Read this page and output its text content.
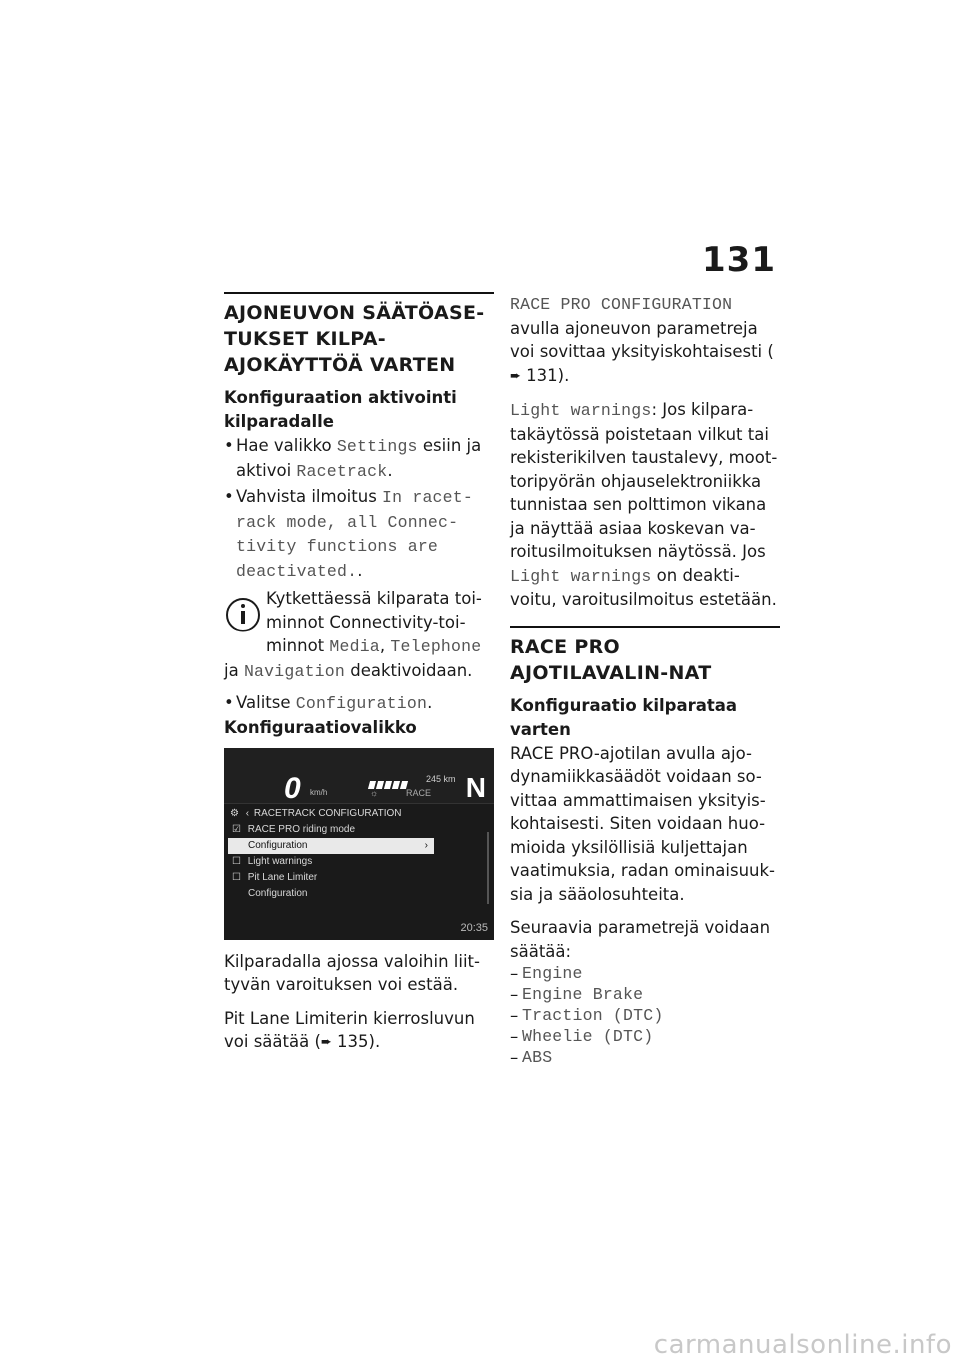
131
AJONEUVON SÄÄTÖASE-TUKSET KILPA-AJOKÄYTTÖÄ VARTEN
Konfiguraation aktivointi kilparadalle

• Hae valikko Settings esiin ja aktivoi Racetrack.

• Vahvista ilmoitus In racet-rack mode, all Connec-tivity functions are deactivated..

Kytkettäessä kilparata toi-minnot Connectivity-toi-minnot Media, Telephone ja Navigation deaktivoidaan.

• Valitse Configuration.

Konfiguraatiovalikko
0 km/h
245 km
☼	RACE N
⚙ ‹ RACETRACK CONFIGURATION
☑ RACE PRO riding mode
Configuration	›
☐ Light warnings
☐ Pit Lane Limiter
Configuration
20:35

Kilparadalla ajossa valoihin liit-tyvän varoituksen voi estää.

Pit Lane Limiterin kierrosluvun voi säätää (➨ 135).

RACE PRO CONFIGURATION avulla ajoneuvon parametreja voi sovittaa yksityiskohtaisesti (➨ 131).

Light warnings: Jos kilpara-takäytössä poistetaan vilkut tai rekisterikilven taustalevy, moot-toripyörän ohjauselektroniikka tunnistaa sen polttimon vikana ja näyttää asiaa koskevan va-roitusilmoituksen näytössä. Jos Light warnings on deakti-voitu, varoitusilmoitus estetään.

RACE PRO AJOTILAVALIN-NAT
Konfiguraatio kilparataa varten

RACE PRO-ajotilan avulla ajo-dynamiikkasäädöt voidaan so-vittaa ammattimaisen yksityis-kohtaisesti. Siten voidaan huo-mioida yksilöllisiä kuljettajan vaatimuksia, radan ominaisuuk-sia ja sääolosuhteita.

Seuraavia parametrejä voidaan säätää:

– Engine
– Engine Brake
– Traction (DTC)
– Wheelie (DTC)
– ABS
carmanualsonline.info
